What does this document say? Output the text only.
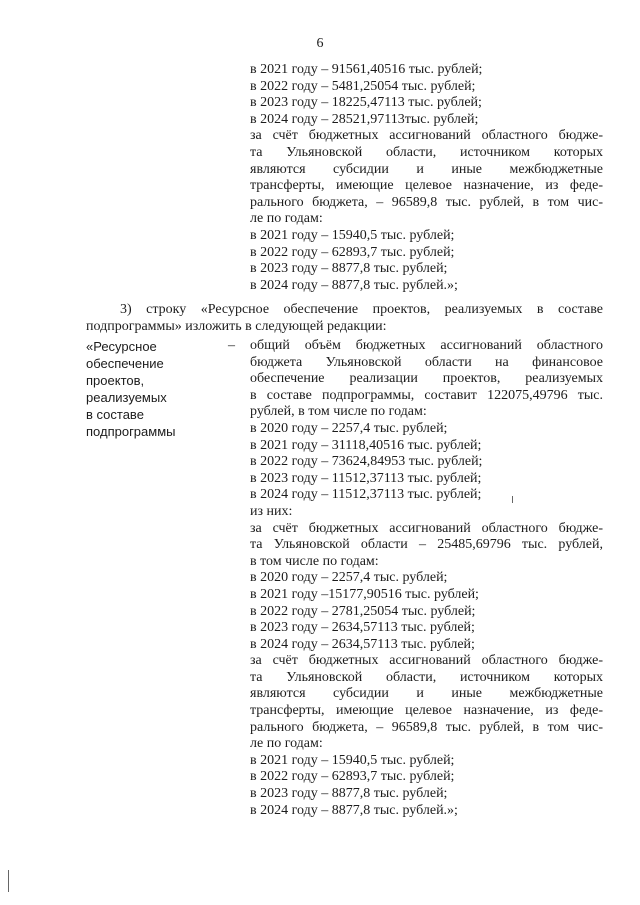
6
в 2021 году – 91561,40516 тыс. рублей;
в 2022 году – 5481,25054 тыс. рублей;
в 2023 году – 18225,47113 тыс. рублей;
в 2024 году – 28521,97113тыс. рублей;
за счёт бюджетных ассигнований областного бюдже-
та Ульяновской области, источником которых
являются субсидии и иные межбюджетные
трансферты, имеющие целевое назначение, из феде-
рального бюджета, – 96589,8 тыс. рублей, в том чис-
ле по годам:
в 2021 году – 15940,5 тыс. рублей;
в 2022 году – 62893,7 тыс. рублей;
в 2023 году – 8877,8 тыс. рублей;
в 2024 году – 8877,8 тыс. рублей.»;
3) строку «Ресурсное обеспечение проектов, реализуемых в составе
подпрограммы» изложить в следующей редакции:
«Ресурсное
обеспечение
проектов,
реализуемых
в составе
подпрограммы
– общий объём бюджетных ассигнований областного
бюджета Ульяновской области на финансовое
обеспечение реализации проектов, реализуемых
в составе подпрограммы, составит 122075,49796 тыс.
рублей, в том числе по годам:
в 2020 году – 2257,4 тыс. рублей;
в 2021 году – 31118,40516 тыс. рублей;
в 2022 году – 73624,84953 тыс. рублей;
в 2023 году – 11512,37113 тыс. рублей;
в 2024 году – 11512,37113 тыс. рублей;
из них:
за счёт бюджетных ассигнований областного бюдже-
та Ульяновской области – 25485,69796 тыс. рублей,
в том числе по годам:
в 2020 году – 2257,4 тыс. рублей;
в 2021 году –15177,90516 тыс. рублей;
в 2022 году – 2781,25054 тыс. рублей;
в 2023 году – 2634,57113 тыс. рублей;
в 2024 году – 2634,57113 тыс. рублей;
за счёт бюджетных ассигнований областного бюдже-
та Ульяновской области, источником которых
являются субсидии и иные межбюджетные
трансферты, имеющие целевое назначение, из феде-
рального бюджета, – 96589,8 тыс. рублей, в том чис-
ле по годам:
в 2021 году – 15940,5 тыс. рублей;
в 2022 году – 62893,7 тыс. рублей;
в 2023 году – 8877,8 тыс. рублей;
в 2024 году – 8877,8 тыс. рублей.»;
